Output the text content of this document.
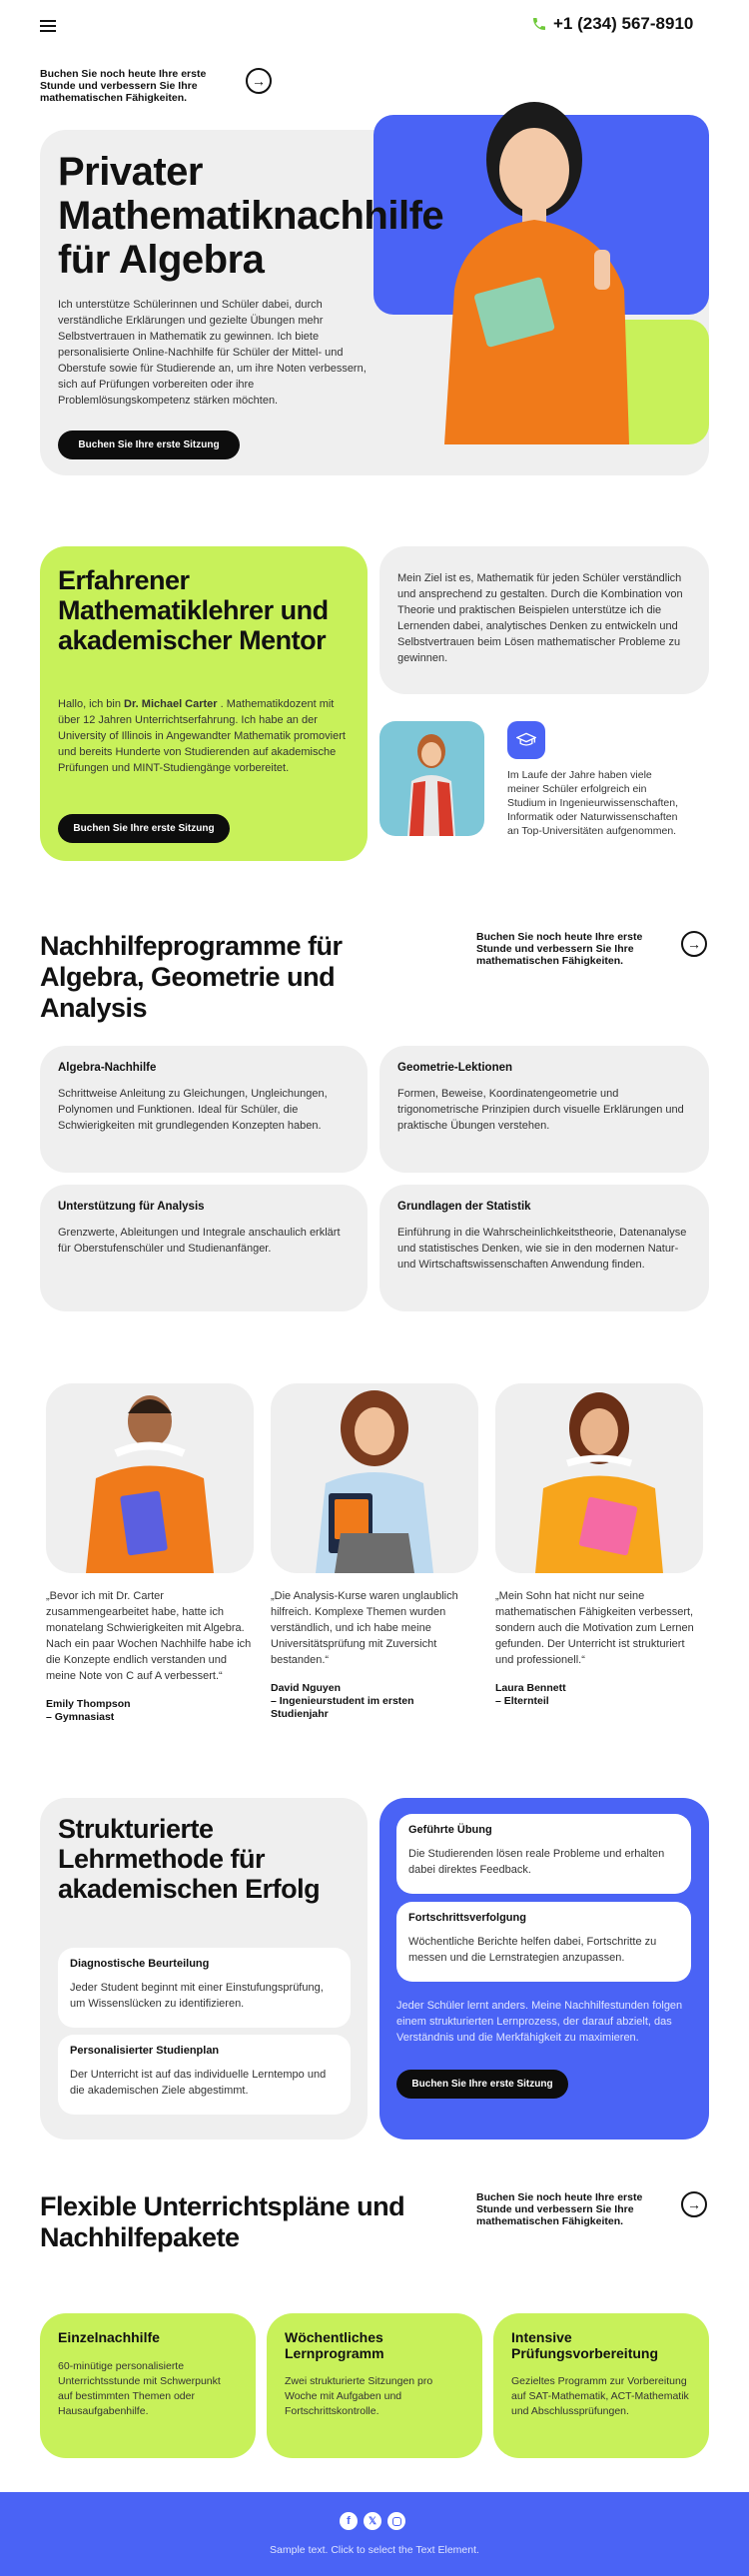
+1 (234) 567-8910
Buchen Sie noch heute Ihre erste Stunde und verbessern Sie Ihre mathematischen Fähigkeiten.
→
Privater
Mathematiknachhilfe
für Algebra
Ich unterstütze Schülerinnen und Schüler dabei, durch verständliche Erklärungen und gezielte Übungen mehr Selbstvertrauen in Mathematik zu gewinnen. Ich biete personalisierte Online-Nachhilfe für Schüler der Mittel- und Oberstufe sowie für Studierende an, um ihre Noten verbessern, sich auf Prüfungen vorbereiten oder ihre Problemlösungskompetenz stärken möchten.
Buchen Sie Ihre erste Sitzung
Erfahrener Mathematiklehrer und akademischer Mentor
Hallo, ich bin Dr. Michael Carter . Mathematikdozent mit über 12 Jahren Unterrichtserfahrung. Ich habe an der University of Illinois in Angewandter Mathematik promoviert und bereits Hunderte von Studierenden auf akademische Prüfungen und MINT-Studiengänge vorbereitet.
Buchen Sie Ihre erste Sitzung
Mein Ziel ist es, Mathematik für jeden Schüler verständlich und ansprechend zu gestalten. Durch die Kombination von Theorie und praktischen Beispielen unterstütze ich die Lernenden dabei, analytisches Denken zu entwickeln und Selbstvertrauen beim Lösen mathematischer Probleme zu gewinnen.
Im Laufe der Jahre haben viele meiner Schüler erfolgreich ein Studium in Ingenieurwissenschaften, Informatik oder Naturwissenschaften an Top-Universitäten aufgenommen.
Nachhilfeprogramme für Algebra, Geometrie und Analysis
Buchen Sie noch heute Ihre erste Stunde und verbessern Sie Ihre mathematischen Fähigkeiten.
→
Algebra-Nachhilfe
Schrittweise Anleitung zu Gleichungen, Ungleichungen, Polynomen und Funktionen. Ideal für Schüler, die Schwierigkeiten mit grundlegenden Konzepten haben.
Geometrie-Lektionen
Formen, Beweise, Koordinatengeometrie und trigonometrische Prinzipien durch visuelle Erklärungen und praktische Übungen verstehen.
Unterstützung für Analysis
Grenzwerte, Ableitungen und Integrale anschaulich erklärt für Oberstufenschüler und Studienanfänger.
Grundlagen der Statistik
Einführung in die Wahrscheinlichkeitstheorie, Datenanalyse und statistisches Denken, wie sie in den modernen Natur- und Wirtschaftswissenschaften Anwendung finden.
„Bevor ich mit Dr. Carter zusammengearbeitet habe, hatte ich monatelang Schwierigkeiten mit Algebra. Nach ein paar Wochen Nachhilfe habe ich die Konzepte endlich verstanden und meine Note von C auf A verbessert.“
Emily Thompson
– Gymnasiast
„Die Analysis-Kurse waren unglaublich hilfreich. Komplexe Themen wurden verständlich, und ich habe meine Universitätsprüfung mit Zuversicht bestanden.“
David Nguyen
– Ingenieurstudent im ersten Studienjahr
„Mein Sohn hat nicht nur seine mathematischen Fähigkeiten verbessert, sondern auch die Motivation zum Lernen gefunden. Der Unterricht ist strukturiert und professionell.“
Laura Bennett
– Elternteil
Strukturierte Lehrmethode für akademischen Erfolg
Diagnostische Beurteilung
Jeder Student beginnt mit einer Einstufungsprüfung, um Wissenslücken zu identifizieren.
Personalisierter Studienplan
Der Unterricht ist auf das individuelle Lerntempo und die akademischen Ziele abgestimmt.
Geführte Übung
Die Studierenden lösen reale Probleme und erhalten dabei direktes Feedback.
Fortschrittsverfolgung
Wöchentliche Berichte helfen dabei, Fortschritte zu messen und die Lernstrategien anzupassen.
Jeder Schüler lernt anders. Meine Nachhilfestunden folgen einem strukturierten Lernprozess, der darauf abzielt, das Verständnis und die Merkfähigkeit zu maximieren.
Buchen Sie Ihre erste Sitzung
Flexible Unterrichtspläne und Nachhilfepakete
Buchen Sie noch heute Ihre erste Stunde und verbessern Sie Ihre mathematischen Fähigkeiten.
→
Einzelnachhilfe
60-minütige personalisierte Unterrichtsstunde mit Schwerpunkt auf bestimmten Themen oder Hausaufgabenhilfe.
Wöchentliches Lernprogramm
Zwei strukturierte Sitzungen pro Woche mit Aufgaben und Fortschrittskontrolle.
Intensive Prüfungsvorbereitung
Gezieltes Programm zur Vorbereitung auf SAT-Mathematik, ACT-Mathematik und Abschlussprüfungen.
f	𝕏
Sample text. Click to select the Text Element.
